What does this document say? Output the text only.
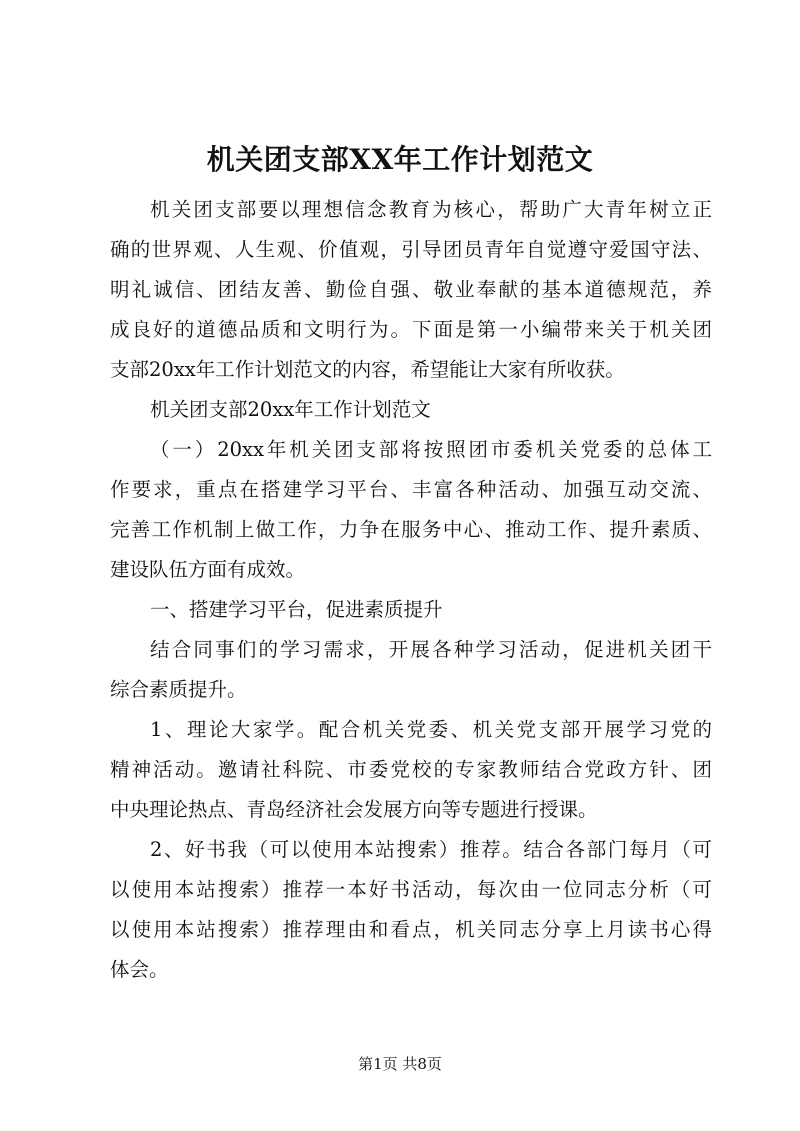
机关团支部XX年工作计划范文
机关团支部要以理想信念教育为核心，帮助广大青年树立正
确的世界观、人生观、价值观，引导团员青年自觉遵守爱国守法、
明礼诚信、团结友善、勤俭自强、敬业奉献的基本道德规范，养
成良好的道德品质和文明行为。下面是第一小编带来关于机关团
支部20xx年工作计划范文的内容，希望能让大家有所收获。
机关团支部20xx年工作计划范文
（一）20xx年机关团支部将按照团市委机关党委的总体工
作要求，重点在搭建学习平台、丰富各种活动、加强互动交流、
完善工作机制上做工作，力争在服务中心、推动工作、提升素质、
建设队伍方面有成效。
一、搭建学习平台，促进素质提升
结合同事们的学习需求，开展各种学习活动，促进机关团干
综合素质提升。
1、理论大家学。配合机关党委、机关党支部开展学习党的
精神活动。邀请社科院、市委党校的专家教师结合党政方针、团
中央理论热点、青岛经济社会发展方向等专题进行授课。
2、好书我（可以使用本站搜索）推荐。结合各部门每月（可
以使用本站搜索）推荐一本好书活动，每次由一位同志分析（可
以使用本站搜索）推荐理由和看点，机关同志分享上月读书心得
体会。
第1页 共8页
